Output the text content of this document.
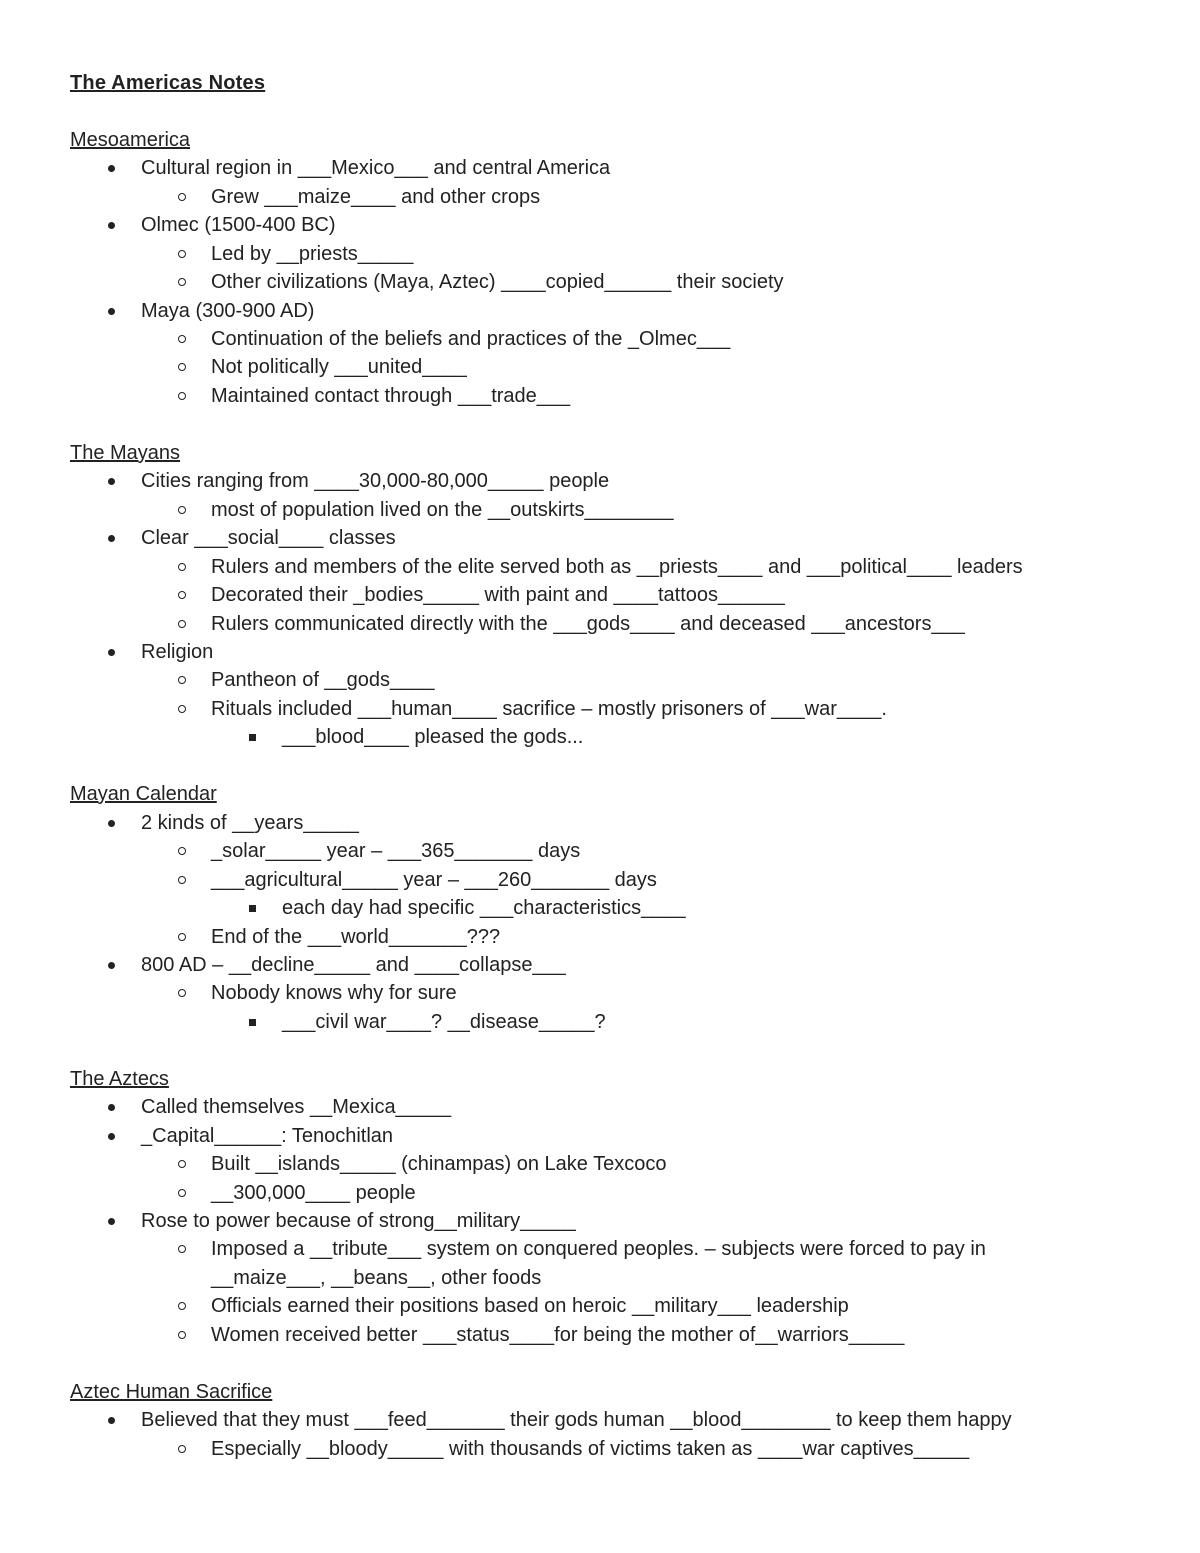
The Americas Notes
Mesoamerica
Cultural region in ___Mexico___ and central America
Grew ___maize____ and other crops
Olmec (1500-400 BC)
Led by __priests_____
Other civilizations (Maya, Aztec) ____copied______ their society
Maya (300-900 AD)
Continuation of the beliefs and practices of the _Olmec___
Not politically ___united____
Maintained contact through ___trade___
The Mayans
Cities ranging from ____30,000-80,000_____ people
most of population lived on the __outskirts________
Clear ___social____ classes
Rulers and members of the elite served both as __priests____ and ___political____ leaders
Decorated their _bodies_____ with paint and ____tattoos______
Rulers communicated directly with the ___gods____ and deceased ___ancestors___
Religion
Pantheon of __gods____
Rituals included ___human____ sacrifice – mostly prisoners of ___war____.
___blood____ pleased the gods...
Mayan Calendar
2 kinds of __years_____
_solar_____ year – ___365_______ days
___agricultural_____ year – ___260_______ days
each day had specific ___characteristics____
End of the ___world_______???
800 AD – __decline_____ and ____collapse___
Nobody knows why for sure
___civil war____? __disease_____?
The Aztecs
Called themselves __Mexica_____
_Capital______: Tenochitlan
Built __islands_____ (chinampas) on Lake Texcoco
__300,000____ people
Rose to power because of strong__military_____
Imposed a __tribute___ system on conquered peoples. – subjects were forced to pay in
__maize___, __beans__, other foods
Officials earned their positions based on heroic __military___ leadership
Women received better ___status____for being the mother of__warriors_____
Aztec Human Sacrifice
Believed that they must ___feed_______ their gods human __blood________ to keep them happy
Especially __bloody_____ with thousands of victims taken as ____war captives_____
